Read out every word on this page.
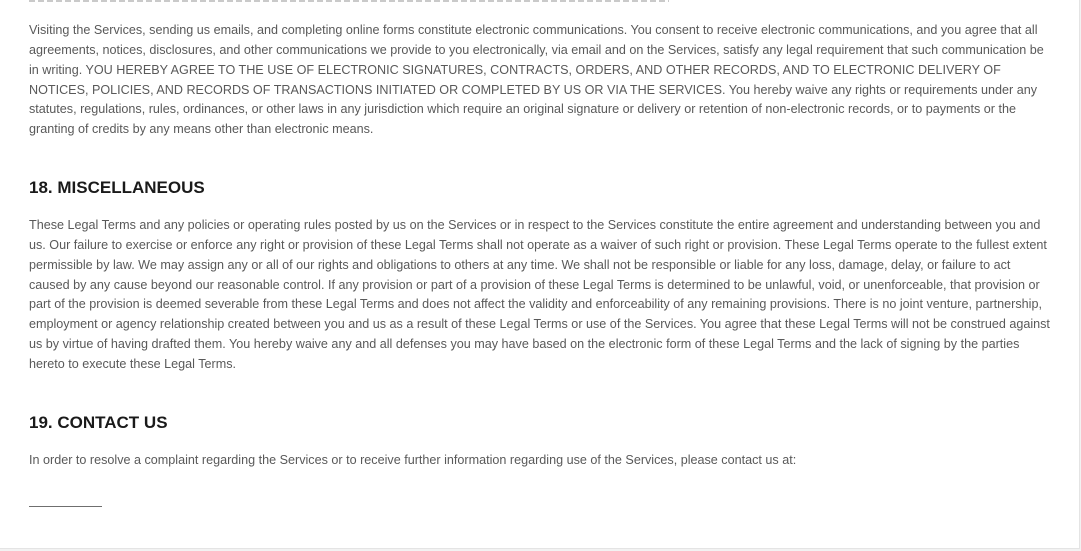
Visiting the Services, sending us emails, and completing online forms constitute electronic communications. You consent to receive electronic communications, and you agree that all agreements, notices, disclosures, and other communications we provide to you electronically, via email and on the Services, satisfy any legal requirement that such communication be in writing. YOU HEREBY AGREE TO THE USE OF ELECTRONIC SIGNATURES, CONTRACTS, ORDERS, AND OTHER RECORDS, AND TO ELECTRONIC DELIVERY OF NOTICES, POLICIES, AND RECORDS OF TRANSACTIONS INITIATED OR COMPLETED BY US OR VIA THE SERVICES. You hereby waive any rights or requirements under any statutes, regulations, rules, ordinances, or other laws in any jurisdiction which require an original signature or delivery or retention of non-electronic records, or to payments or the granting of credits by any means other than electronic means.

18. MISCELLANEOUS

These Legal Terms and any policies or operating rules posted by us on the Services or in respect to the Services constitute the entire agreement and understanding between you and us. Our failure to exercise or enforce any right or provision of these Legal Terms shall not operate as a waiver of such right or provision. These Legal Terms operate to the fullest extent permissible by law. We may assign any or all of our rights and obligations to others at any time. We shall not be responsible or liable for any loss, damage, delay, or failure to act caused by any cause beyond our reasonable control. If any provision or part of a provision of these Legal Terms is determined to be unlawful, void, or unenforceable, that provision or part of the provision is deemed severable from these Legal Terms and does not affect the validity and enforceability of any remaining provisions. There is no joint venture, partnership, employment or agency relationship created between you and us as a result of these Legal Terms or use of the Services. You agree that these Legal Terms will not be construed against us by virtue of having drafted them. You hereby waive any and all defenses you may have based on the electronic form of these Legal Terms and the lack of signing by the parties hereto to execute these Legal Terms.

19. CONTACT US

In order to resolve a complaint regarding the Services or to receive further information regarding use of the Services, please contact us at:
